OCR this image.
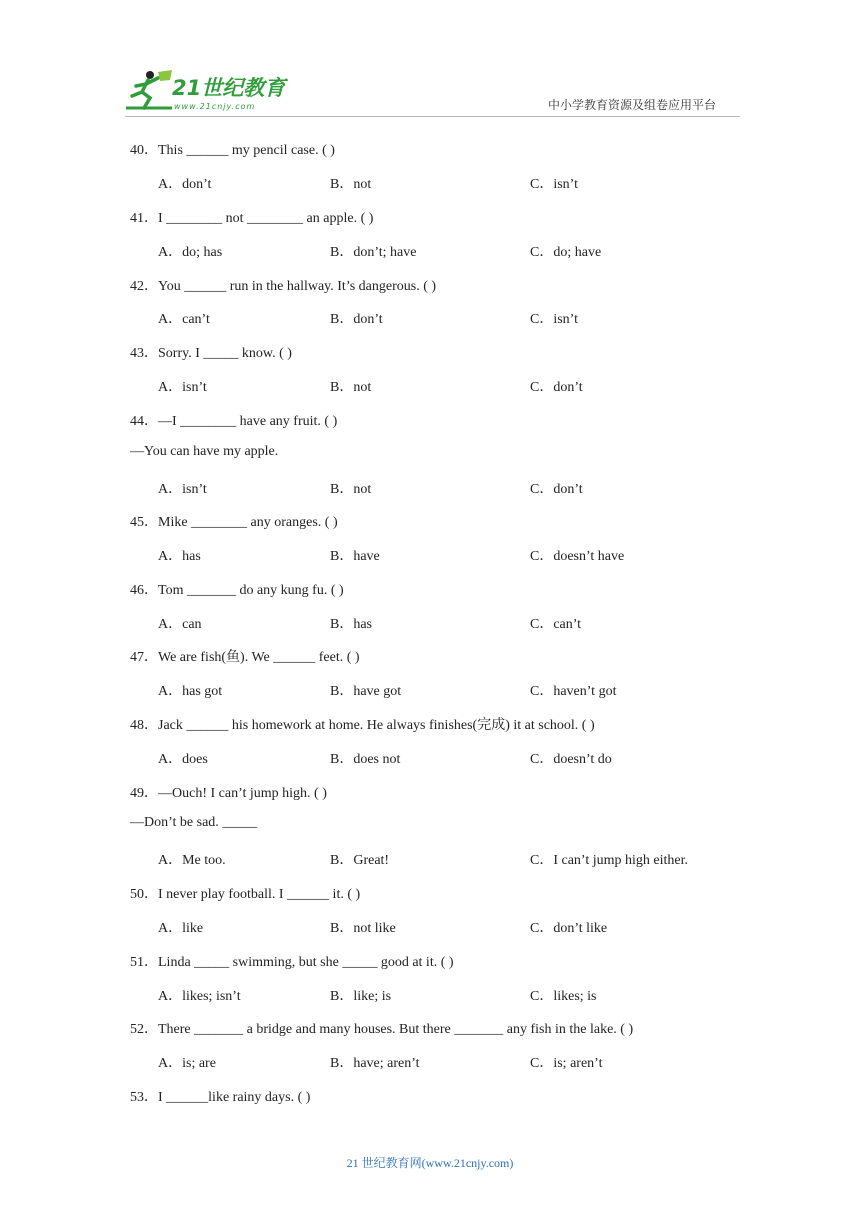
21世纪教育
www.21cnjy.com	中小学教育资源及组卷应用平台
40．This ______ my pencil case. ( )
A．don’t	B．not	C．isn’t
41．I ________ not ________ an apple. ( )
A．do; has	B．don’t; have	C．do; have
42．You ______ run in the hallway. It’s dangerous. ( )
A．can’t	B．don’t	C．isn’t
43．Sorry. I _____ know. ( )
A．isn’t	B．not	C．don’t
44．—I ________ have any fruit. ( )
—You can have my apple.
A．isn’t	B．not	C．don’t
45．Mike ________ any oranges. ( )
A．has	B．have	C．doesn’t have
46．Tom _______ do any kung fu. ( )
A．can	B．has	C．can’t
47．We are fish(鱼). We ______ feet. ( )
A．has got	B．have got	C．haven’t got
48．Jack ______ his homework at home. He always finishes(完成) it at school. ( )
A．does	B．does not	C．doesn’t do
49．—Ouch! I can’t jump high. ( )
—Don’t be sad. _____
A．Me too.	B．Great!	C．I can’t jump high either.
50．I never play football. I ______ it. ( )
A．like	B．not like	C．don’t like
51．Linda _____ swimming, but she _____ good at it. ( )
A．likes; isn’t	B．like; is	C．likes; is
52．There _______ a bridge and many houses. But there _______ any fish in the lake. ( )
A．is; are	B．have; aren’t	C．is; aren’t
53．I ______like rainy days. ( )
21 世纪教育网(www.21cnjy.com)
